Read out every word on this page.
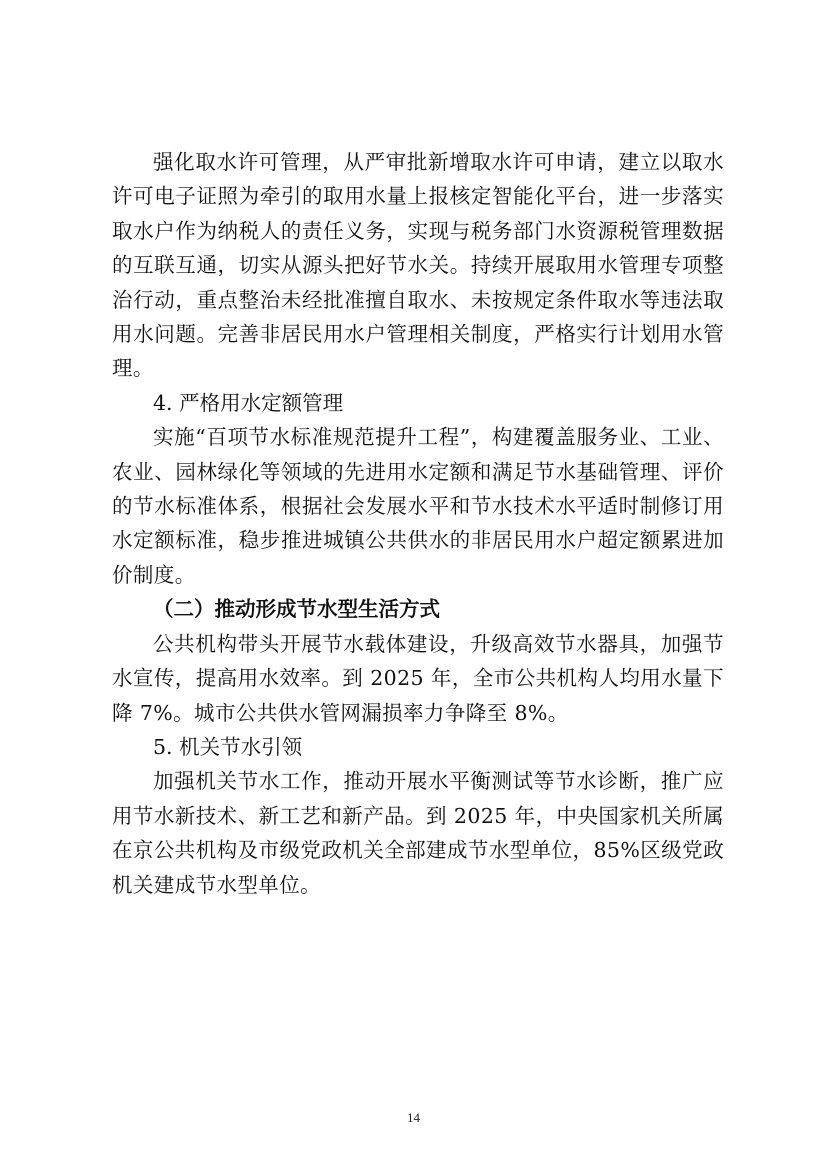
强化取水许可管理，从严审批新增取水许可申请，建立以取水许可电子证照为牵引的取用水量上报核定智能化平台，进一步落实取水户作为纳税人的责任义务，实现与税务部门水资源税管理数据的互联互通，切实从源头把好节水关。持续开展取用水管理专项整治行动，重点整治未经批准擅自取水、未按规定条件取水等违法取用水问题。完善非居民用水户管理相关制度，严格实行计划用水管理。

4. 严格用水定额管理

实施“百项节水标准规范提升工程”，构建覆盖服务业、工业、农业、园林绿化等领域的先进用水定额和满足节水基础管理、评价的节水标准体系，根据社会发展水平和节水技术水平适时制修订用水定额标准，稳步推进城镇公共供水的非居民用水户超定额累进加价制度。

（二）推动形成节水型生活方式

公共机构带头开展节水载体建设，升级高效节水器具，加强节水宣传，提高用水效率。到 2025 年，全市公共机构人均用水量下降 7%。城市公共供水管网漏损率力争降至 8%。

5. 机关节水引领

加强机关节水工作，推动开展水平衡测试等节水诊断，推广应用节水新技术、新工艺和新产品。到 2025 年，中央国家机关所属在京公共机构及市级党政机关全部建成节水型单位，85%区级党政机关建成节水型单位。

14
